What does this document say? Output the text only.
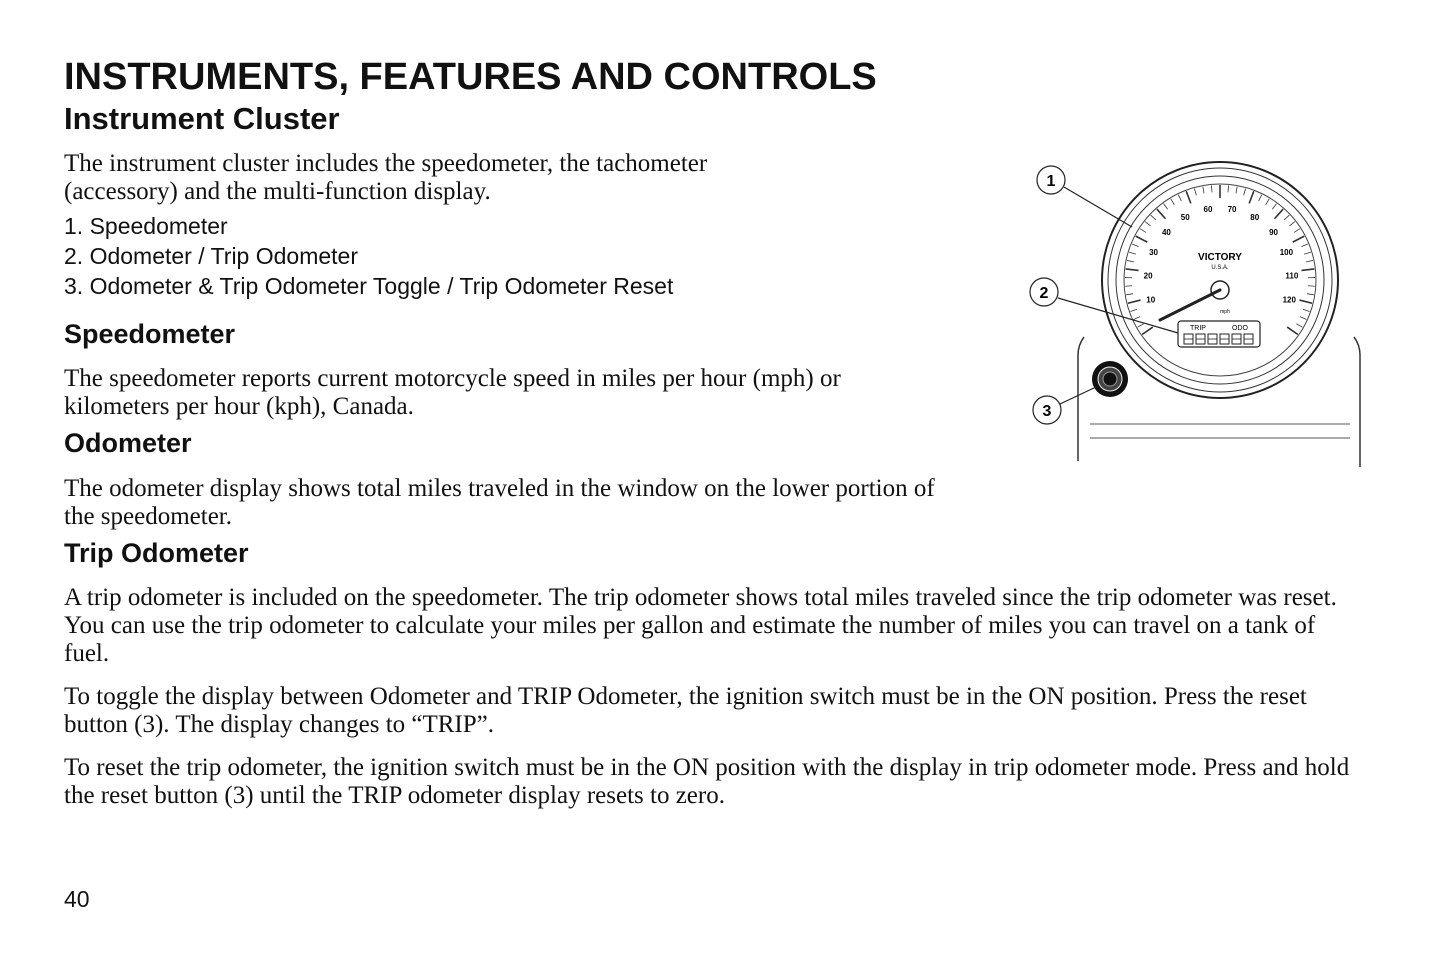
INSTRUMENTS, FEATURES AND CONTROLS
Instrument Cluster

The instrument cluster includes the speedometer, the tachometer (accessory) and the multi-function display.

1. Speedometer
2. Odometer / Trip Odometer
3. Odometer & Trip Odometer Toggle / Trip Odometer Reset
Speedometer

The speedometer reports current motorcycle speed in miles per hour (mph) or kilometers per hour (kph), Canada.

Odometer

The odometer display shows total miles traveled in the window on the lower portion of the speedometer.

Trip Odometer

A trip odometer is included on the speedometer. The trip odometer shows total miles traveled since the trip odometer was reset. You can use the trip odometer to calculate your miles per gallon and estimate the number of miles you can travel on a tank of fuel.

To toggle the display between Odometer and TRIP Odometer, the ignition switch must be in the ON position. Press the reset button (3). The display changes to “TRIP”.

To reset the trip odometer, the ignition switch must be in the ON position with the display in trip odometer mode. Press and hold the reset button (3) until the TRIP odometer display resets to zero.

10
20
30
40
50
60 70
80
90
100
110
120
VICTORY
U.S.A.
mph
TRIP	ODO
1
2
3
40
